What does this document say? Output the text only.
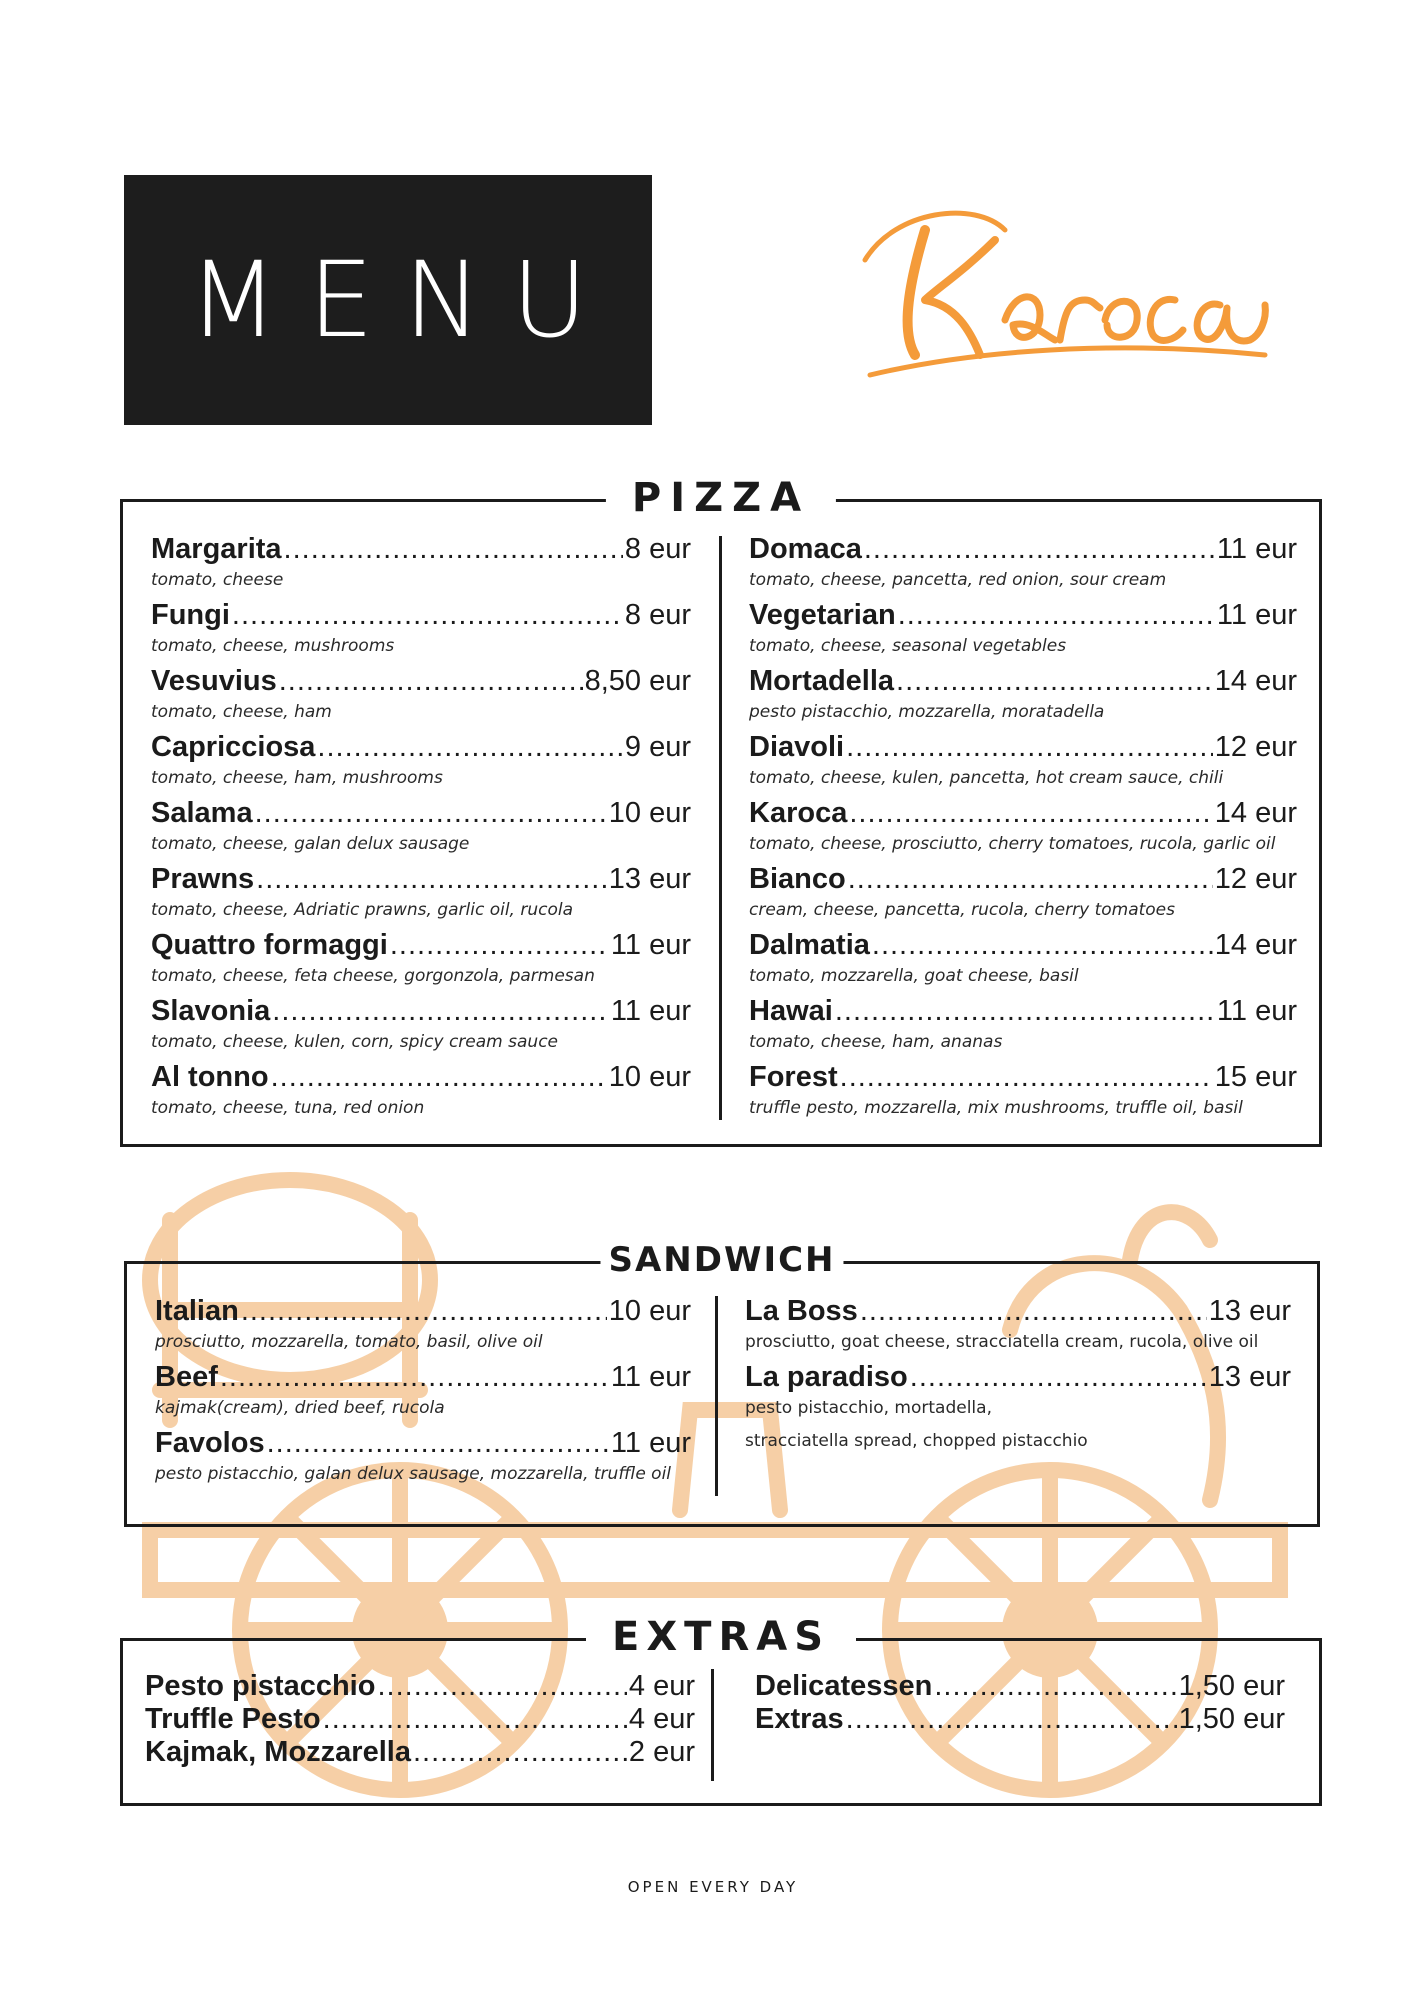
MENU
PIZZA
Margarita .....	8 eur
tomato, cheese
Fungi .....	8 eur
tomato, cheese, mushrooms
Vesuvius .....	8,50 eur
tomato, cheese, ham
Capricciosa .....	9 eur
tomato, cheese, ham, mushrooms
Salama .....	10 eur
tomato, cheese, galan delux sausage
Prawns .....	13 eur
tomato, cheese, Adriatic prawns, garlic oil, rucola
Quattro formaggi .....	11 eur
tomato, cheese, feta cheese, gorgonzola, parmesan
Slavonia .....	11 eur
tomato, cheese, kulen, corn, spicy cream sauce
Al tonno .....	10 eur
tomato, cheese, tuna, red onion
Domaca .....	11 eur
tomato, cheese, pancetta, red onion, sour cream
Vegetarian .....	11 eur
tomato, cheese, seasonal vegetables
Mortadella .....	14 eur
pesto pistacchio, mozzarella, moratadella
Diavoli .....	12 eur
tomato, cheese, kulen, pancetta, hot cream sauce, chili
Karoca .....	14 eur
tomato, cheese, prosciutto, cherry tomatoes, rucola, garlic oil
Bianco .....	12 eur
cream, cheese, pancetta, rucola, cherry tomatoes
Dalmatia .....	14 eur
tomato, mozzarella, goat cheese, basil
Hawai .....	11 eur
tomato, cheese, ham, ananas
Forest .....	15 eur
truffle pesto, mozzarella, mix mushrooms, truffle oil, basil
SANDWICH
Italian .....	10 eur
prosciutto, mozzarella, tomato, basil, olive oil
Beef .....	11 eur
kajmak(cream), dried beef, rucola
Favolos .....	11 eur
pesto pistacchio, galan delux sausage, mozzarella, truffle oil
La Boss .....	13 eur
prosciutto, goat cheese, stracciatella cream, rucola, olive oil
La paradiso .....	13 eur
pesto pistacchio, mortadella,
stracciatella spread, chopped pistacchio
EXTRAS
Pesto pistacchio .....	4 eur
Truffle Pesto .....	4 eur
Kajmak, Mozzarella .....	2 eur
Delicatessen .....	1,50 eur
Extras .....	1,50 eur
OPEN EVERY DAY
